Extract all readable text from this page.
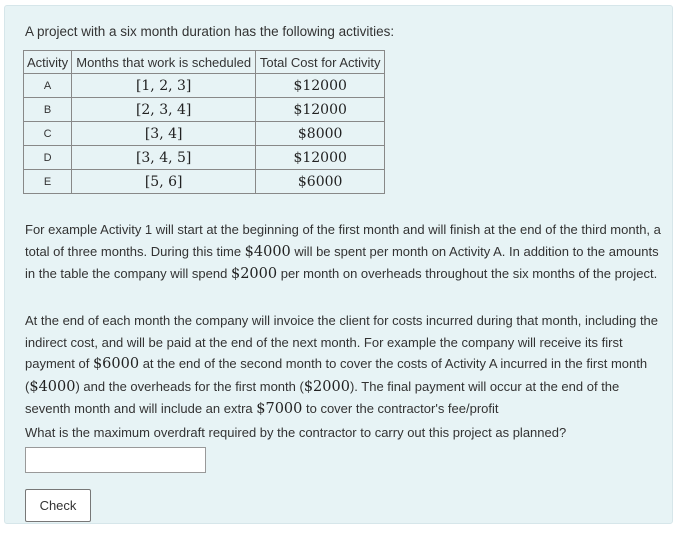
A project with a six month duration has the following activities:
Activity	Months that work is scheduled	Total Cost for Activity
A	[1, 2, 3]	$12000
B	[2, 3, 4]	$12000
C	[3, 4]	$8000
D	[3, 4, 5]	$12000
E	[5, 6]	$6000
For example Activity 1 will start at the beginning of the first month and will finish at the end of the third month, a total of three months. During this time $4000 will be spent per month on Activity A. In addition to the amounts in the table the company will spend $2000 per month on overheads throughout the six months of the project.
At the end of each month the company will invoice the client for costs incurred during that month, including the indirect cost, and will be paid at the end of the next month. For example the company will receive its first payment of $6000 at the end of the second month to cover the costs of Activity A incurred in the first month ($4000) and the overheads for the first month ($2000). The final payment will occur at the end of the seventh month and will include an extra $7000 to cover the contractor's fee/profit
What is the maximum overdraft required by the contractor to carry out this project as planned?
Check
